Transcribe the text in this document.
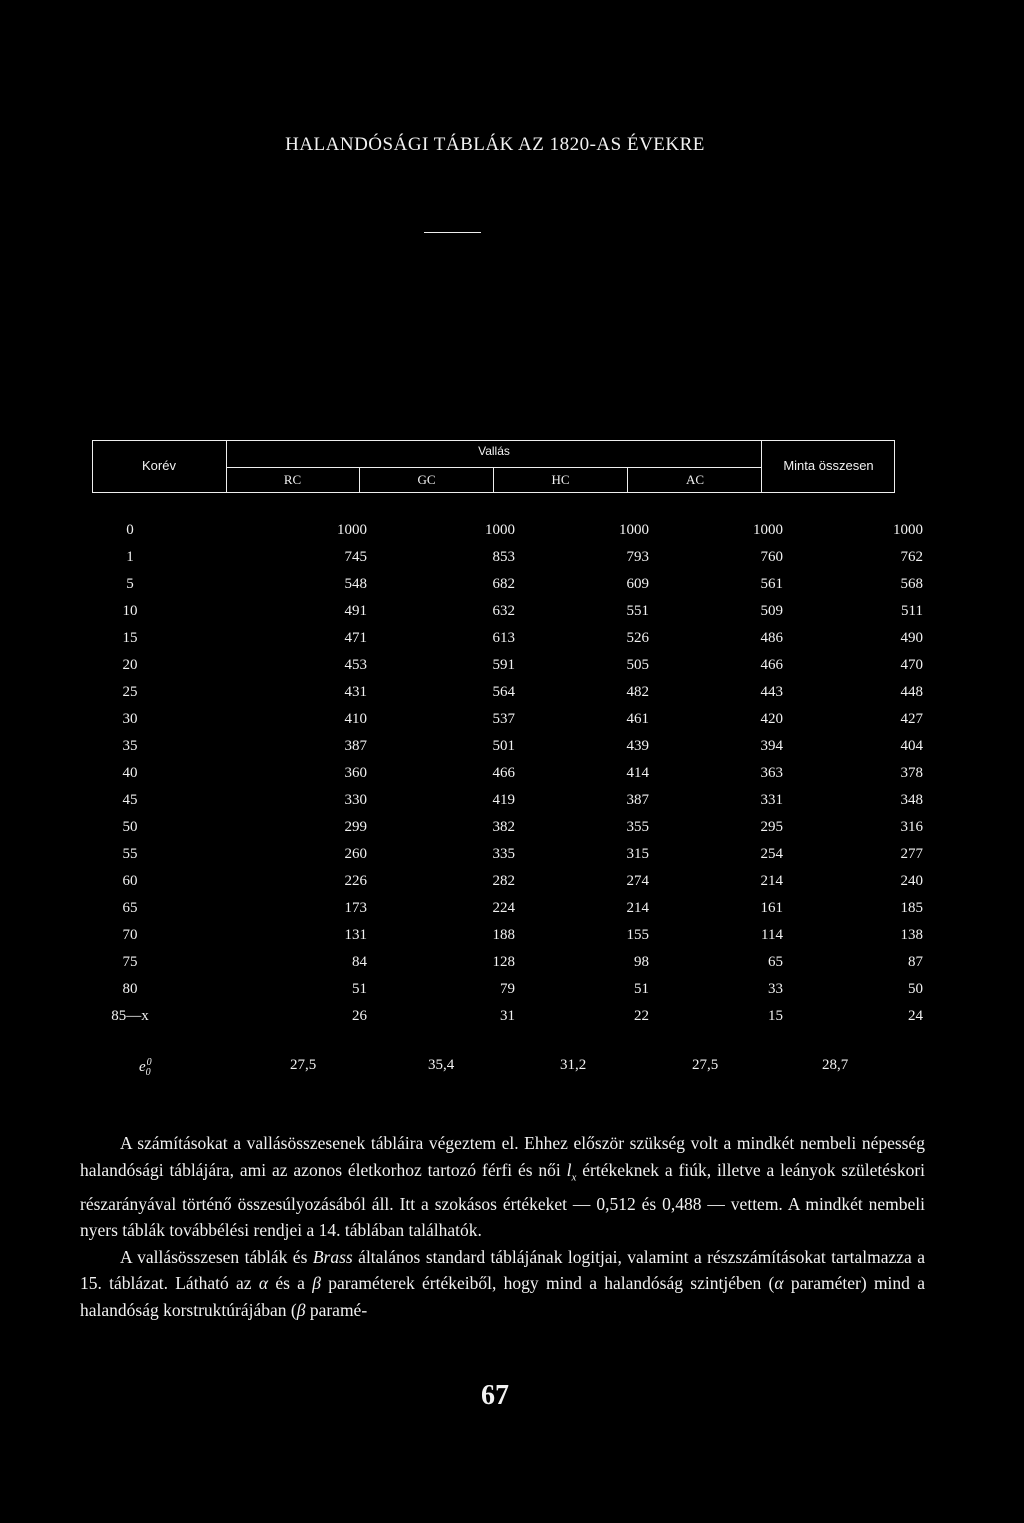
HALANDÓSÁGI TÁBLÁK AZ 1820-AS ÉVEKRE
Korév
Vallás
Minta összesen
RC	GC	HC	AC
0	1000	1000	1000	1000	1000
1	745	853	793	760	762
5	548	682	609	561	568
10	491	632	551	509	511
15	471	613	526	486	490
20	453	591	505	466	470
25	431	564	482	443	448
30	410	537	461	420	427
35	387	501	439	394	404
40	360	466	414	363	378
45	330	419	387	331	348
50	299	382	355	295	316
55	260	335	315	254	277
60	226	282	274	214	240
65	173	224	214	161	185
70	131	188	155	114	138
75	84	128	98	65	87
80	51	79	51	33	50
85—x	26	31	22	15	24
$e_0^0$	27,5	35,4	31,2	27,5	28,7

A számításokat a vallásösszesenek tábláira végeztem el. Ehhez először szükség volt a mindkét nembeli népesség halandósági táblájára, ami az azonos életkorhoz tartozó férfi és női $l_x$ értékeknek a fiúk, illetve a leányok születéskori részarányával történő összesúlyozásából áll. Itt a szokásos értékeket — 0,512 és 0,488 — vettem. A mindkét nembeli nyers táblák továbbélési rendjei a 14. táblában találhatók.

A vallásösszesen táblák és Brass általános standard táblájának logitjai, valamint a részszámításokat tartalmazza a 15. táblázat. Látható az α és a β paraméterek értékeiből, hogy mind a halandóság szintjében (α paraméter) mind a halandóság korstruktúrájában (β paramé-

67
